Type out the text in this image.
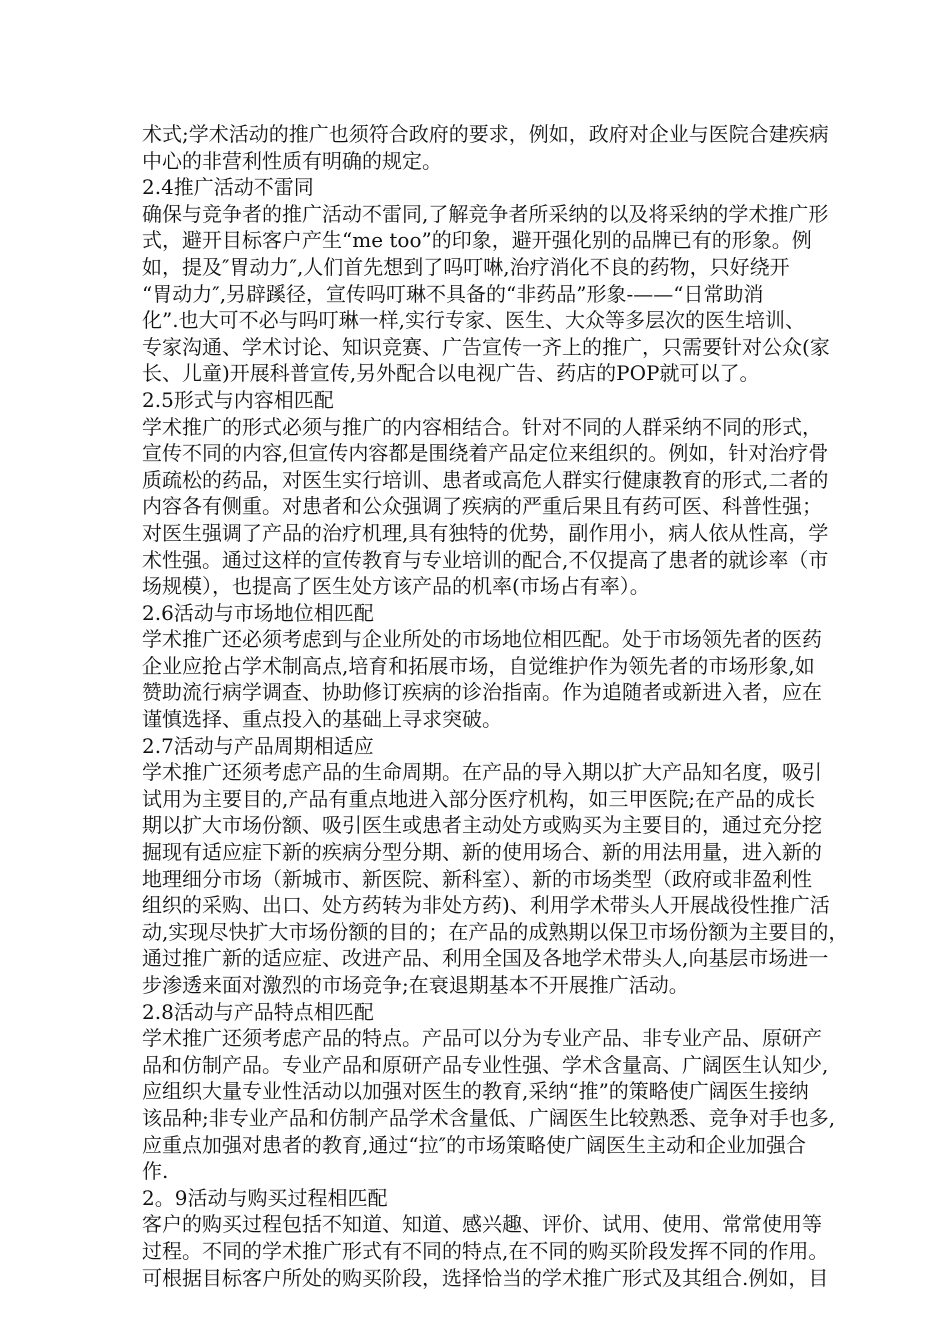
术式;学术活动的推广也须符合政府的要求，例如，政府对企业与医院合建疾病
中心的非营利性质有明确的规定。
2.4推广活动不雷同
确保与竞争者的推广活动不雷同,了解竞争者所采纳的以及将采纳的学术推广形
式，避开目标客户产生“me too”的印象，避开强化别的品牌已有的形象。例
如，提及″胃动力″,人们首先想到了吗叮啉,治疗消化不良的药物，只好绕开
“胃动力″,另辟蹊径，宣传吗叮琳不具备的“非药品”形象-——“日常助消
化”.也大可不必与吗叮琳一样,实行专家、医生、大众等多层次的医生培训、
专家沟通、学术讨论、知识竞赛、广告宣传一齐上的推广，只需要针对公众(家
长、儿童)开展科普宣传,另外配合以电视广告、药店的POP就可以了。
2.5形式与内容相匹配
学术推广的形式必须与推广的内容相结合。针对不同的人群采纳不同的形式，
宣传不同的内容,但宣传内容都是围绕着产品定位来组织的。例如，针对治疗骨
质疏松的药品，对医生实行培训、患者或高危人群实行健康教育的形式,二者的
内容各有侧重。对患者和公众强调了疾病的严重后果且有药可医、科普性强；
对医生强调了产品的治疗机理,具有独特的优势，副作用小，病人依从性高，学
术性强。通过这样的宣传教育与专业培训的配合,不仅提高了患者的就诊率（市
场规模），也提高了医生处方该产品的机率(市场占有率）。
2.6活动与市场地位相匹配
学术推广还必须考虑到与企业所处的市场地位相匹配。处于市场领先者的医药
企业应抢占学术制高点,培育和拓展市场，自觉维护作为领先者的市场形象,如
赞助流行病学调查、协助修订疾病的诊治指南。作为追随者或新进入者，应在
谨慎选择、重点投入的基础上寻求突破。
2.7活动与产品周期相适应
学术推广还须考虑产品的生命周期。在产品的导入期以扩大产品知名度，吸引
试用为主要目的,产品有重点地进入部分医疗机构，如三甲医院;在产品的成长
期以扩大市场份额、吸引医生或患者主动处方或购买为主要目的，通过充分挖
掘现有适应症下新的疾病分型分期、新的使用场合、新的用法用量，进入新的
地理细分市场（新城市、新医院、新科室）、新的市场类型（政府或非盈利性
组织的采购、出口、处方药转为非处方药)、利用学术带头人开展战役性推广活
动,实现尽快扩大市场份额的目的；在产品的成熟期以保卫市场份额为主要目的，
通过推广新的适应症、改进产品、利用全国及各地学术带头人,向基层市场进一
步渗透来面对激烈的市场竞争;在衰退期基本不开展推广活动。
2.8活动与产品特点相匹配
学术推广还须考虑产品的特点。产品可以分为专业产品、非专业产品、原研产
品和仿制产品。专业产品和原研产品专业性强、学术含量高、广阔医生认知少,
应组织大量专业性活动以加强对医生的教育,采纳“推”的策略使广阔医生接纳
该品种;非专业产品和仿制产品学术含量低、广阔医生比较熟悉、竞争对手也多,
应重点加强对患者的教育,通过“拉″的市场策略使广阔医生主动和企业加强合
作.
2。9活动与购买过程相匹配
客户的购买过程包括不知道、知道、感兴趣、评价、试用、使用、常常使用等
过程。不同的学术推广形式有不同的特点,在不同的购买阶段发挥不同的作用。
可根据目标客户所处的购买阶段，选择恰当的学术推广形式及其组合.例如，目
